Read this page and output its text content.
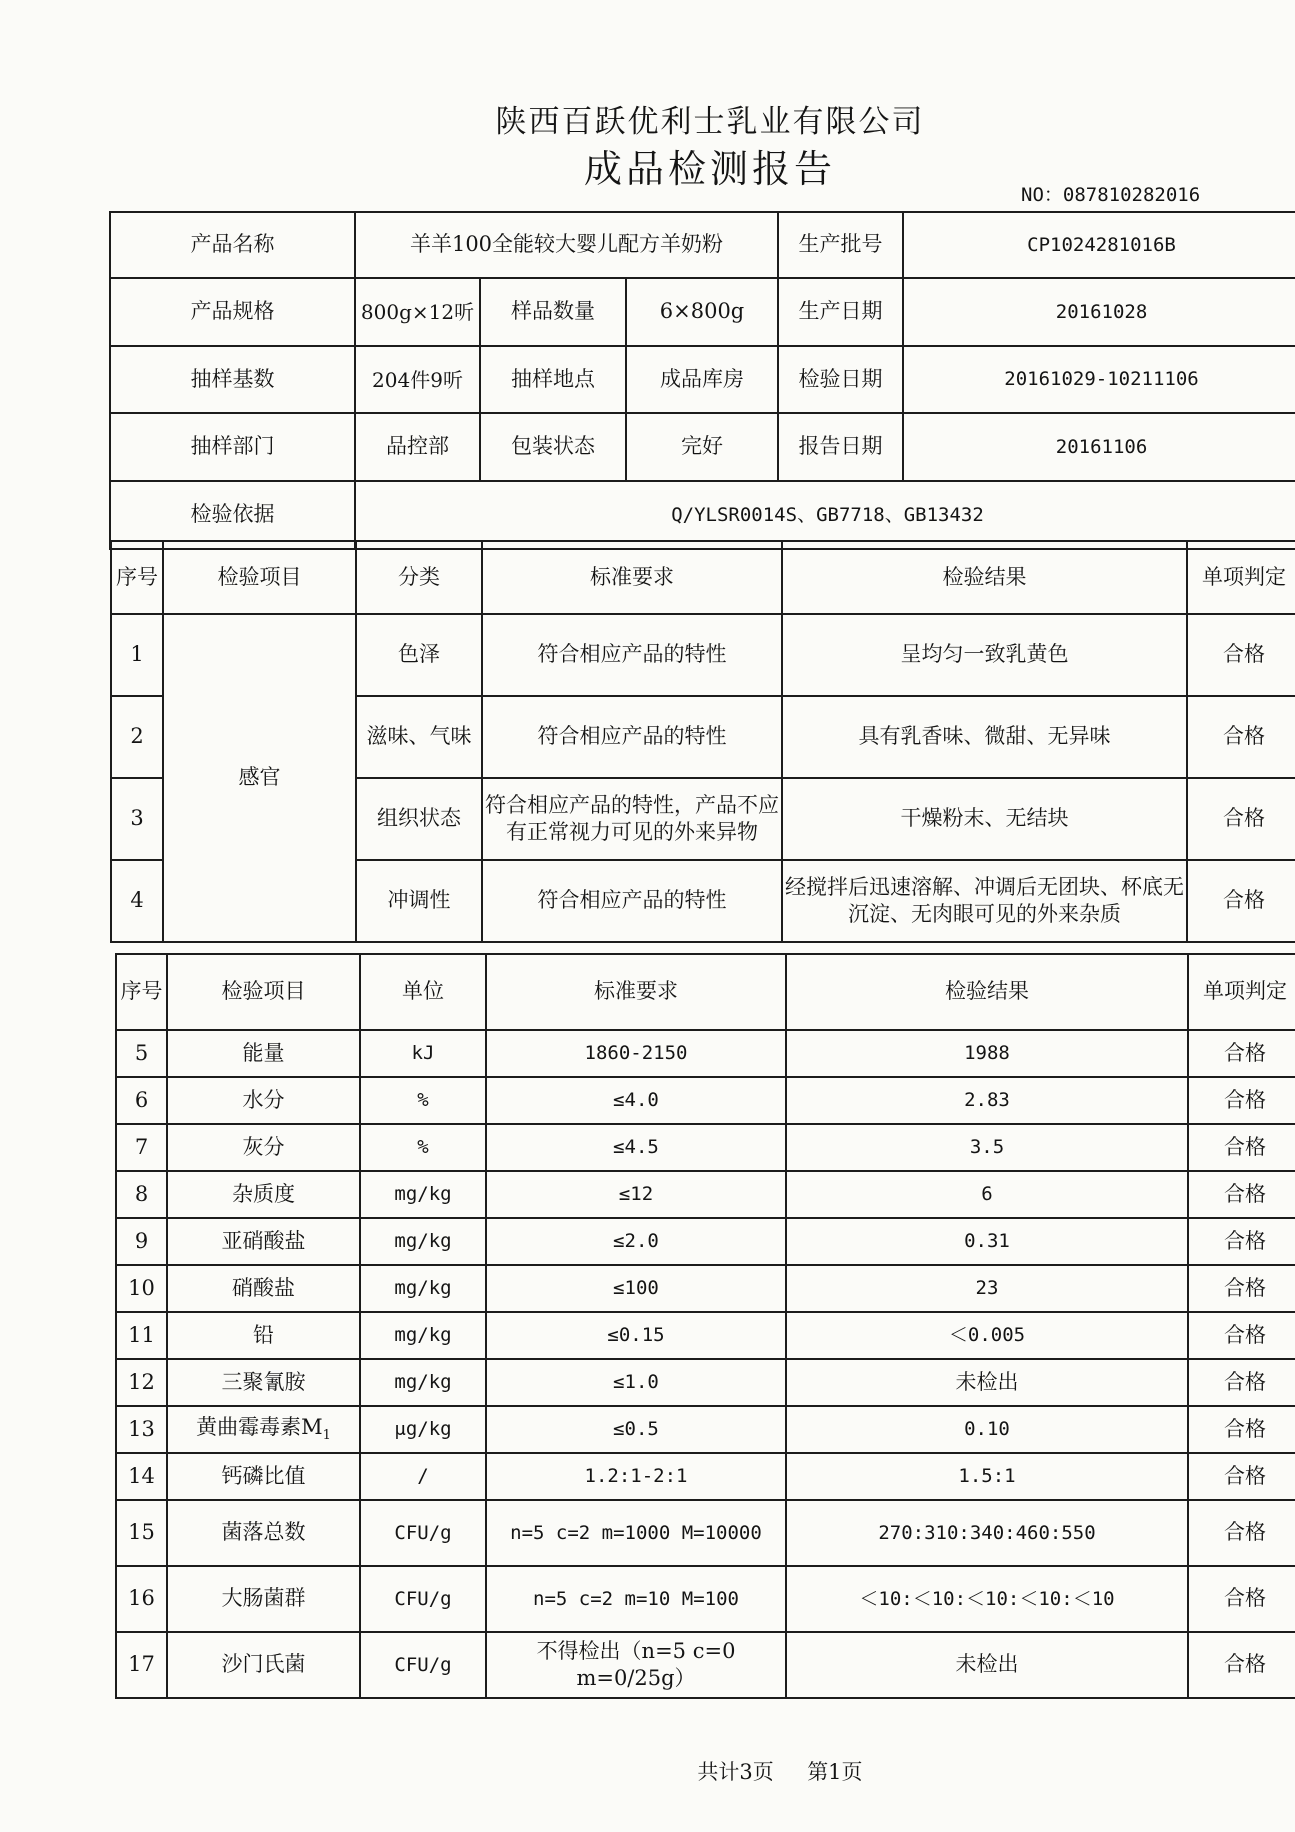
陕西百跃优利士乳业有限公司
成品检测报告
NO：087810282016
产品名称	羊羊100全能较大婴儿配方羊奶粉			生产批号	CP1024281016B
产品规格	800g×12听	样品数量	6×800g	生产日期	20161028
抽样基数	204件9听	抽样地点	成品库房	检验日期	20161029-10211106
抽样部门	品控部	包装状态	完好	报告日期	20161106
检验依据	Q/YLSR0014S、GB7718、GB13432				
序号	检验项目	分类	标准要求	检验结果	单项判定
1	感官	色泽	符合相应产品的特性	呈均匀一致乳黄色	合格
2		滋味、气味	符合相应产品的特性	具有乳香味、微甜、无异味	合格
3		组织状态	符合相应产品的特性，产品不应有正常视力可见的外来异物	干燥粉末、无结块	合格
4		冲调性	符合相应产品的特性	经搅拌后迅速溶解、冲调后无团块、杯底无沉淀、无肉眼可见的外来杂质	合格
序号	检验项目	单位	标准要求	检验结果	单项判定
5	能量	kJ	1860-2150	1988	合格
6	水分	%	≤4.0	2.83	合格
7	灰分	%	≤4.5	3.5	合格
8	杂质度	mg/kg	≤12	6	合格
9	亚硝酸盐	mg/kg	≤2.0	0.31	合格
10	硝酸盐	mg/kg	≤100	23	合格
11	铅	mg/kg	≤0.15	＜0.005	合格
12	三聚氰胺	mg/kg	≤1.0	未检出	合格
13	黄曲霉毒素$M_1$	μg/kg	≤0.5	0.10	合格
14	钙磷比值	/	1.2:1-2:1	1.5:1	合格
15	菌落总数	CFU/g	n=5 c=2 m=1000 M=10000	270:310:340:460:550	合格
16	大肠菌群	CFU/g	n=5 c=2 m=10 M=100	＜10:＜10:＜10:＜10:＜10	合格
17	沙门氏菌	CFU/g	不得检出（n=5 c=0 m=0/25g）	未检出	合格
共计3页 第1页
